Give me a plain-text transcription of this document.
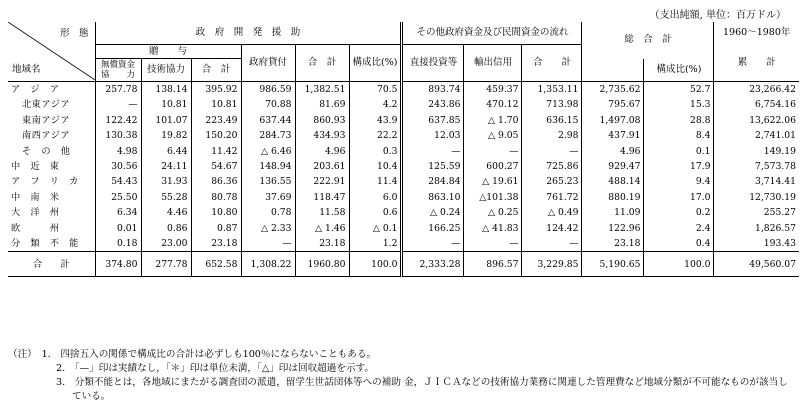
（支出純額, 単位：百万ドル）
形　態
地域名	政　府　開　発　援　助						その他政府資金及び民間資金の流れ			総　合　計		1960～1980年
	贈　　与			政府貸付	合　計	構成比(%)	直接投資等	輸出信用	合　　計			累　　計
	無償資金協　　力	技術協力	合　計								構成比(%)	
ア　ジ　ア	257.78	138.14	395.92	986.59	1,382.51	70.5	893.74	459.37	1,353.11	2,735.62	52.7	23,266.42
北東アジア	—	10.81	10.81	70.88	81.69	4.2	243.86	470.12	713.98	795.67	15.3	6,754.16
東南アジア	122.42	101.07	223.49	637.44	860.93	43.9	637.85	△ 1.70	636.15	1,497.08	28.8	13,622.06
南西アジア	130.38	19.82	150.20	284.73	434.93	22.2	12.03	△ 9.05	2.98	437.91	8.4	2,741.01
そ　の　他	4.98	6.44	11.42	△ 6.46	4.96	0.3	—	—	—	4.96	0.1	149.19
中　近　東	30.56	24.11	54.67	148.94	203.61	10.4	125.59	600.27	725.86	929.47	17.9	7,573.78
ア　フ　リ　カ	54.43	31.93	86.36	136.55	222.91	11.4	284.84	△ 19.61	265.23	488.14	9.4	3,714.41
中　南　米	25.50	55.28	80.78	37.69	118.47	6.0	863.10	△101.38	761.72	880.19	17.0	12,730.19
大　洋　州	6.34	4.46	10.80	0.78	11.58	0.6	△ 0.24	△ 0.25	△ 0.49	11.09	0.2	255.27
欧　　　州	0.01	0.86	0.87	△ 2.33	△ 1.46	△ 0.1	166.25	△ 41.83	124.42	122.96	2.4	1,826.57
分　類　不　能	0.18	23.00	23.18	—	23.18	1.2	—	—	—	23.18	0.4	193.43
合　　計	374.80	277.78	652.58	1,308.22	1960.80	100.0	2,333.28	896.57	3,229.85	5,190.65	100.0	49,560.07
（注）　1.　四捨五入の関係で構成比の合計は必ずしも100％にならないこともある。
2.　「—」印は実績なし，「＊」印は単位未満，「△」印は回収超過を示す。
3.　分類不能とは，各地域にまたがる調査団の派遣，留学生世話団体等への補助 金，ＪＩＣＡなどの技術協力業務に関連した管理費など地域分類が不可能なものが該当し
ている。
